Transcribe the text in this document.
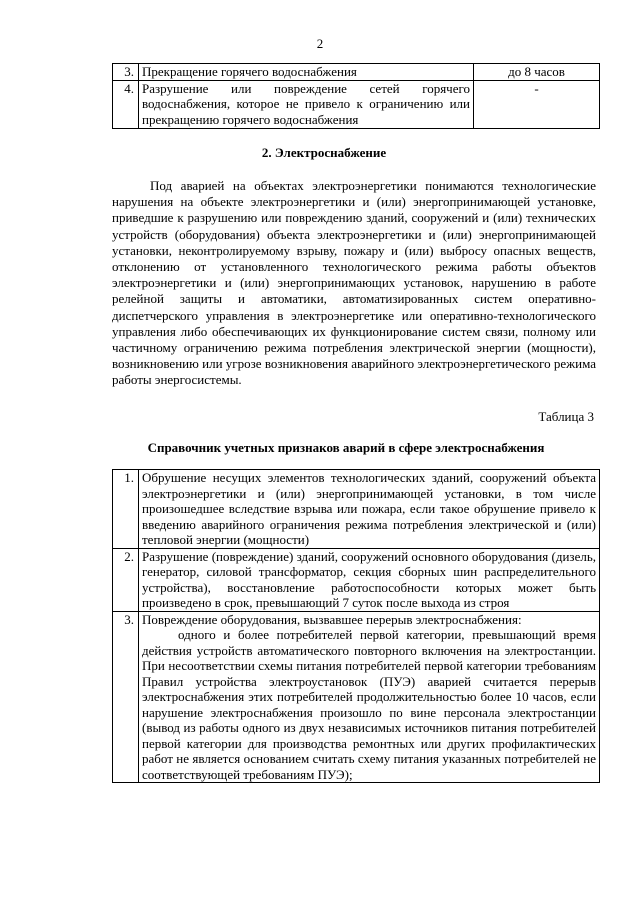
2
3.	Прекращение горячего водоснабжения	до 8 часов
4.	Разрушение или повреждение сетей горячего водоснабжения, которое не привело к ограничению или прекращению горячего водоснабжения	-
2. Электроснабжение

Под аварией на объектах электроэнергетики понимаются технологические нарушения на объекте электроэнергетики и (или) энергопринимающей установке, приведшие к разрушению или повреждению зданий, сооружений и (или) технических устройств (оборудования) объекта электроэнергетики и (или) энергопринимающей установки, неконтролируемому взрыву, пожару и (или) выбросу опасных веществ, отклонению от установленного технологического режима работы объектов электроэнергетики и (или) энергопринимающих установок, нарушению в работе релейной защиты и автоматики, автоматизированных систем оперативно-диспетчерского управления в электроэнергетике или оперативно-технологического управления либо обеспечивающих их функционирование систем связи, полному или частичному ограничению режима потребления электрической энергии (мощности), возникновению или угрозе возникновения аварийного электроэнергетического режима работы энергосистемы.

Таблица 3
Справочник учетных признаков аварий в сфере электроснабжения
1.	Обрушение несущих элементов технологических зданий, сооружений объекта электроэнергетики и (или) энергопринимающей установки, в том числе произошедшее вследствие взрыва или пожара, если такое обрушение привело к введению аварийного ограничения режима потребления электрической и (или) тепловой энергии (мощности)
2.	Разрушение (повреждение) зданий, сооружений основного оборудования (дизель, генератор, силовой трансформатор, секция сборных шин распределительного устройства), восстановление работоспособности которых может быть произведено в срок, превышающий 7 суток после выхода из строя
3.	Повреждение оборудования, вызвавшее перерыв электроснабжения:
одного и более потребителей первой категории, превышающий время действия устройств автоматического повторного включения на электростанции. При несоответствии схемы питания потребителей первой категории требованиям Правил устройства электроустановок (ПУЭ) аварией считается перерыв электроснабжения этих потребителей продолжительностью более 10 часов, если нарушение электроснабжения произошло по вине персонала электростанции (вывод из работы одного из двух независимых источников питания потребителей первой категории для производства ремонтных или других профилактических работ не является основанием считать схему питания указанных потребителей не соответствующей требованиям ПУЭ);
